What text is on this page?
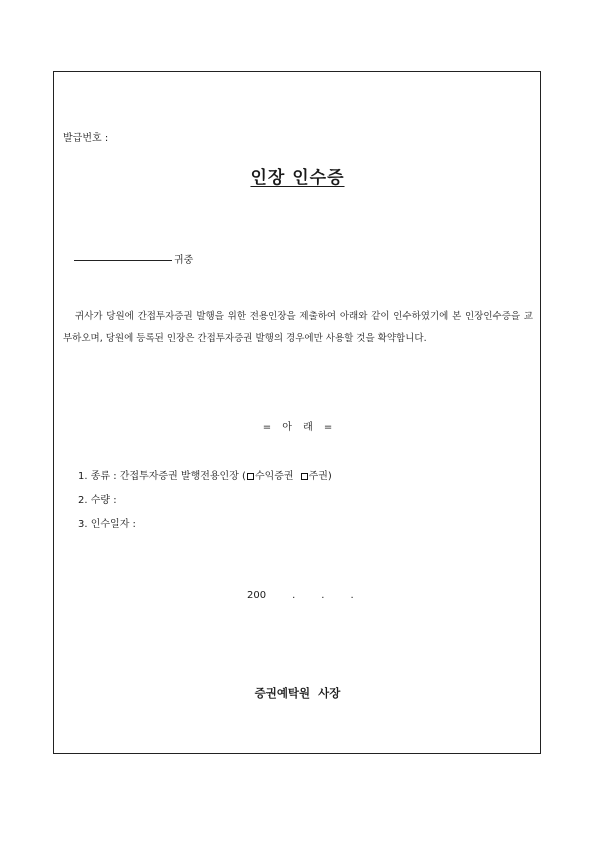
발급번호 :
인장 인수증
귀중
귀사가 당원에 간접투자증권 발행을 위한 전용인장을 제출하여 아래와 같이 인수하였기에 본 인장인수증을 교부하오며, 당원에 등록된 인장은 간접투자증권 발행의 경우에만 사용할 것을 확약합니다.
= 아 래 =
1. 종류 : 간접투자증권 발행전용인장 ( 수익증권 주권)
2. 수량 :
3. 인수일자 :
200	.	.	.
증권예탁원 사장
